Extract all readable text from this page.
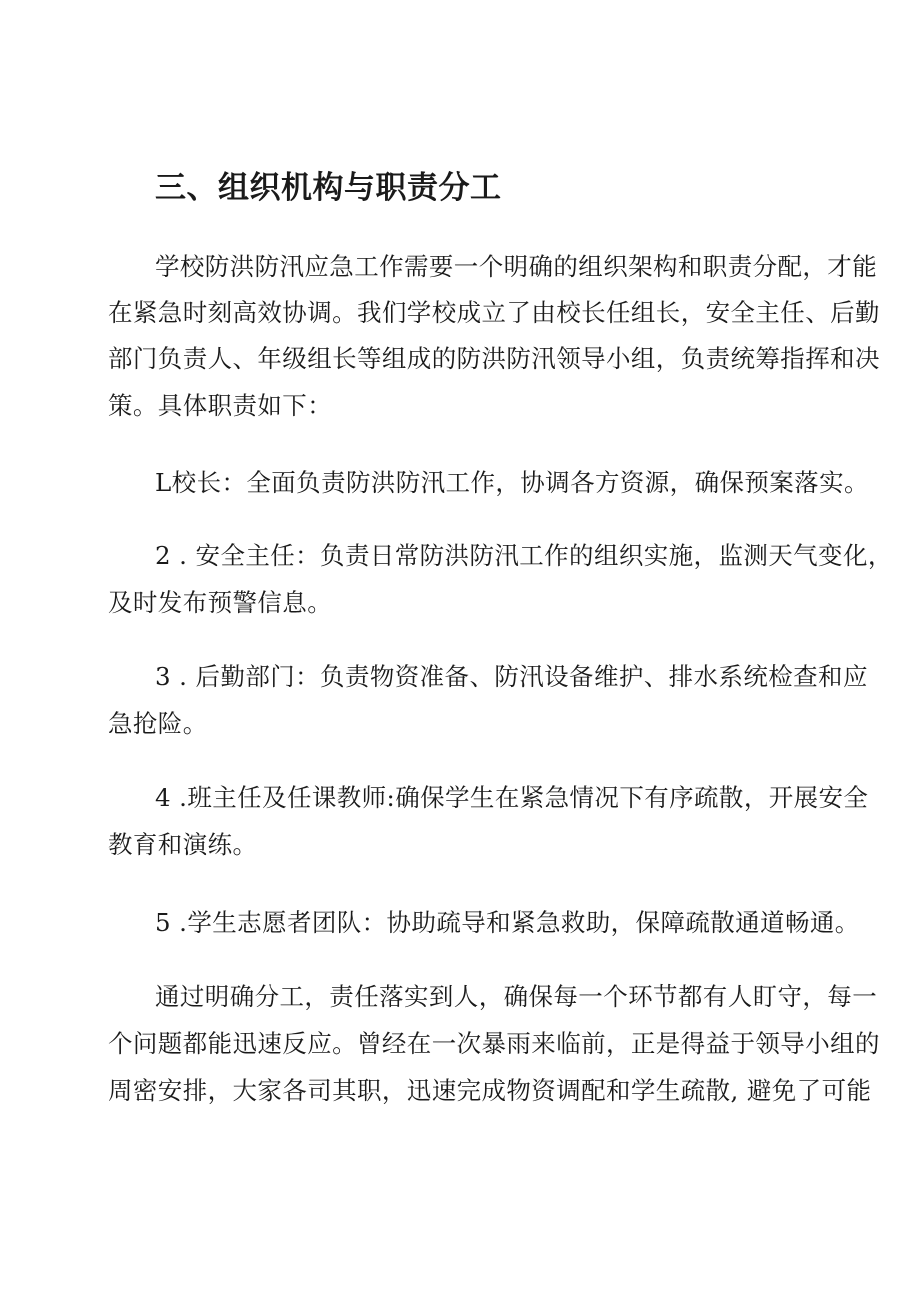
三、组织机构与职责分工
学校防洪防汛应急工作需要一个明确的组织架构和职责分配，才能
在紧急时刻高效协调。我们学校成立了由校长任组长，安全主任、后勤
部门负责人、年级组长等组成的防洪防汛领导小组，负责统筹指挥和决
策。具体职责如下：
L校长：全面负责防洪防汛工作，协调各方资源，确保预案落实。
2 . 安全主任：负责日常防洪防汛工作的组织实施，监测天气变化，
及时发布预警信息。
3 . 后勤部门：负责物资准备、防汛设备维护、排水系统检查和应
急抢险。
4 .班主任及任课教师:确保学生在紧急情况下有序疏散，开展安全
教育和演练。
5 .学生志愿者团队：协助疏导和紧急救助，保障疏散通道畅通。
通过明确分工，责任落实到人，确保每一个环节都有人盯守，每一
个问题都能迅速反应。曾经在一次暴雨来临前，正是得益于领导小组的
周密安排，大家各司其职，迅速完成物资调配和学生疏散, 避免了可能
